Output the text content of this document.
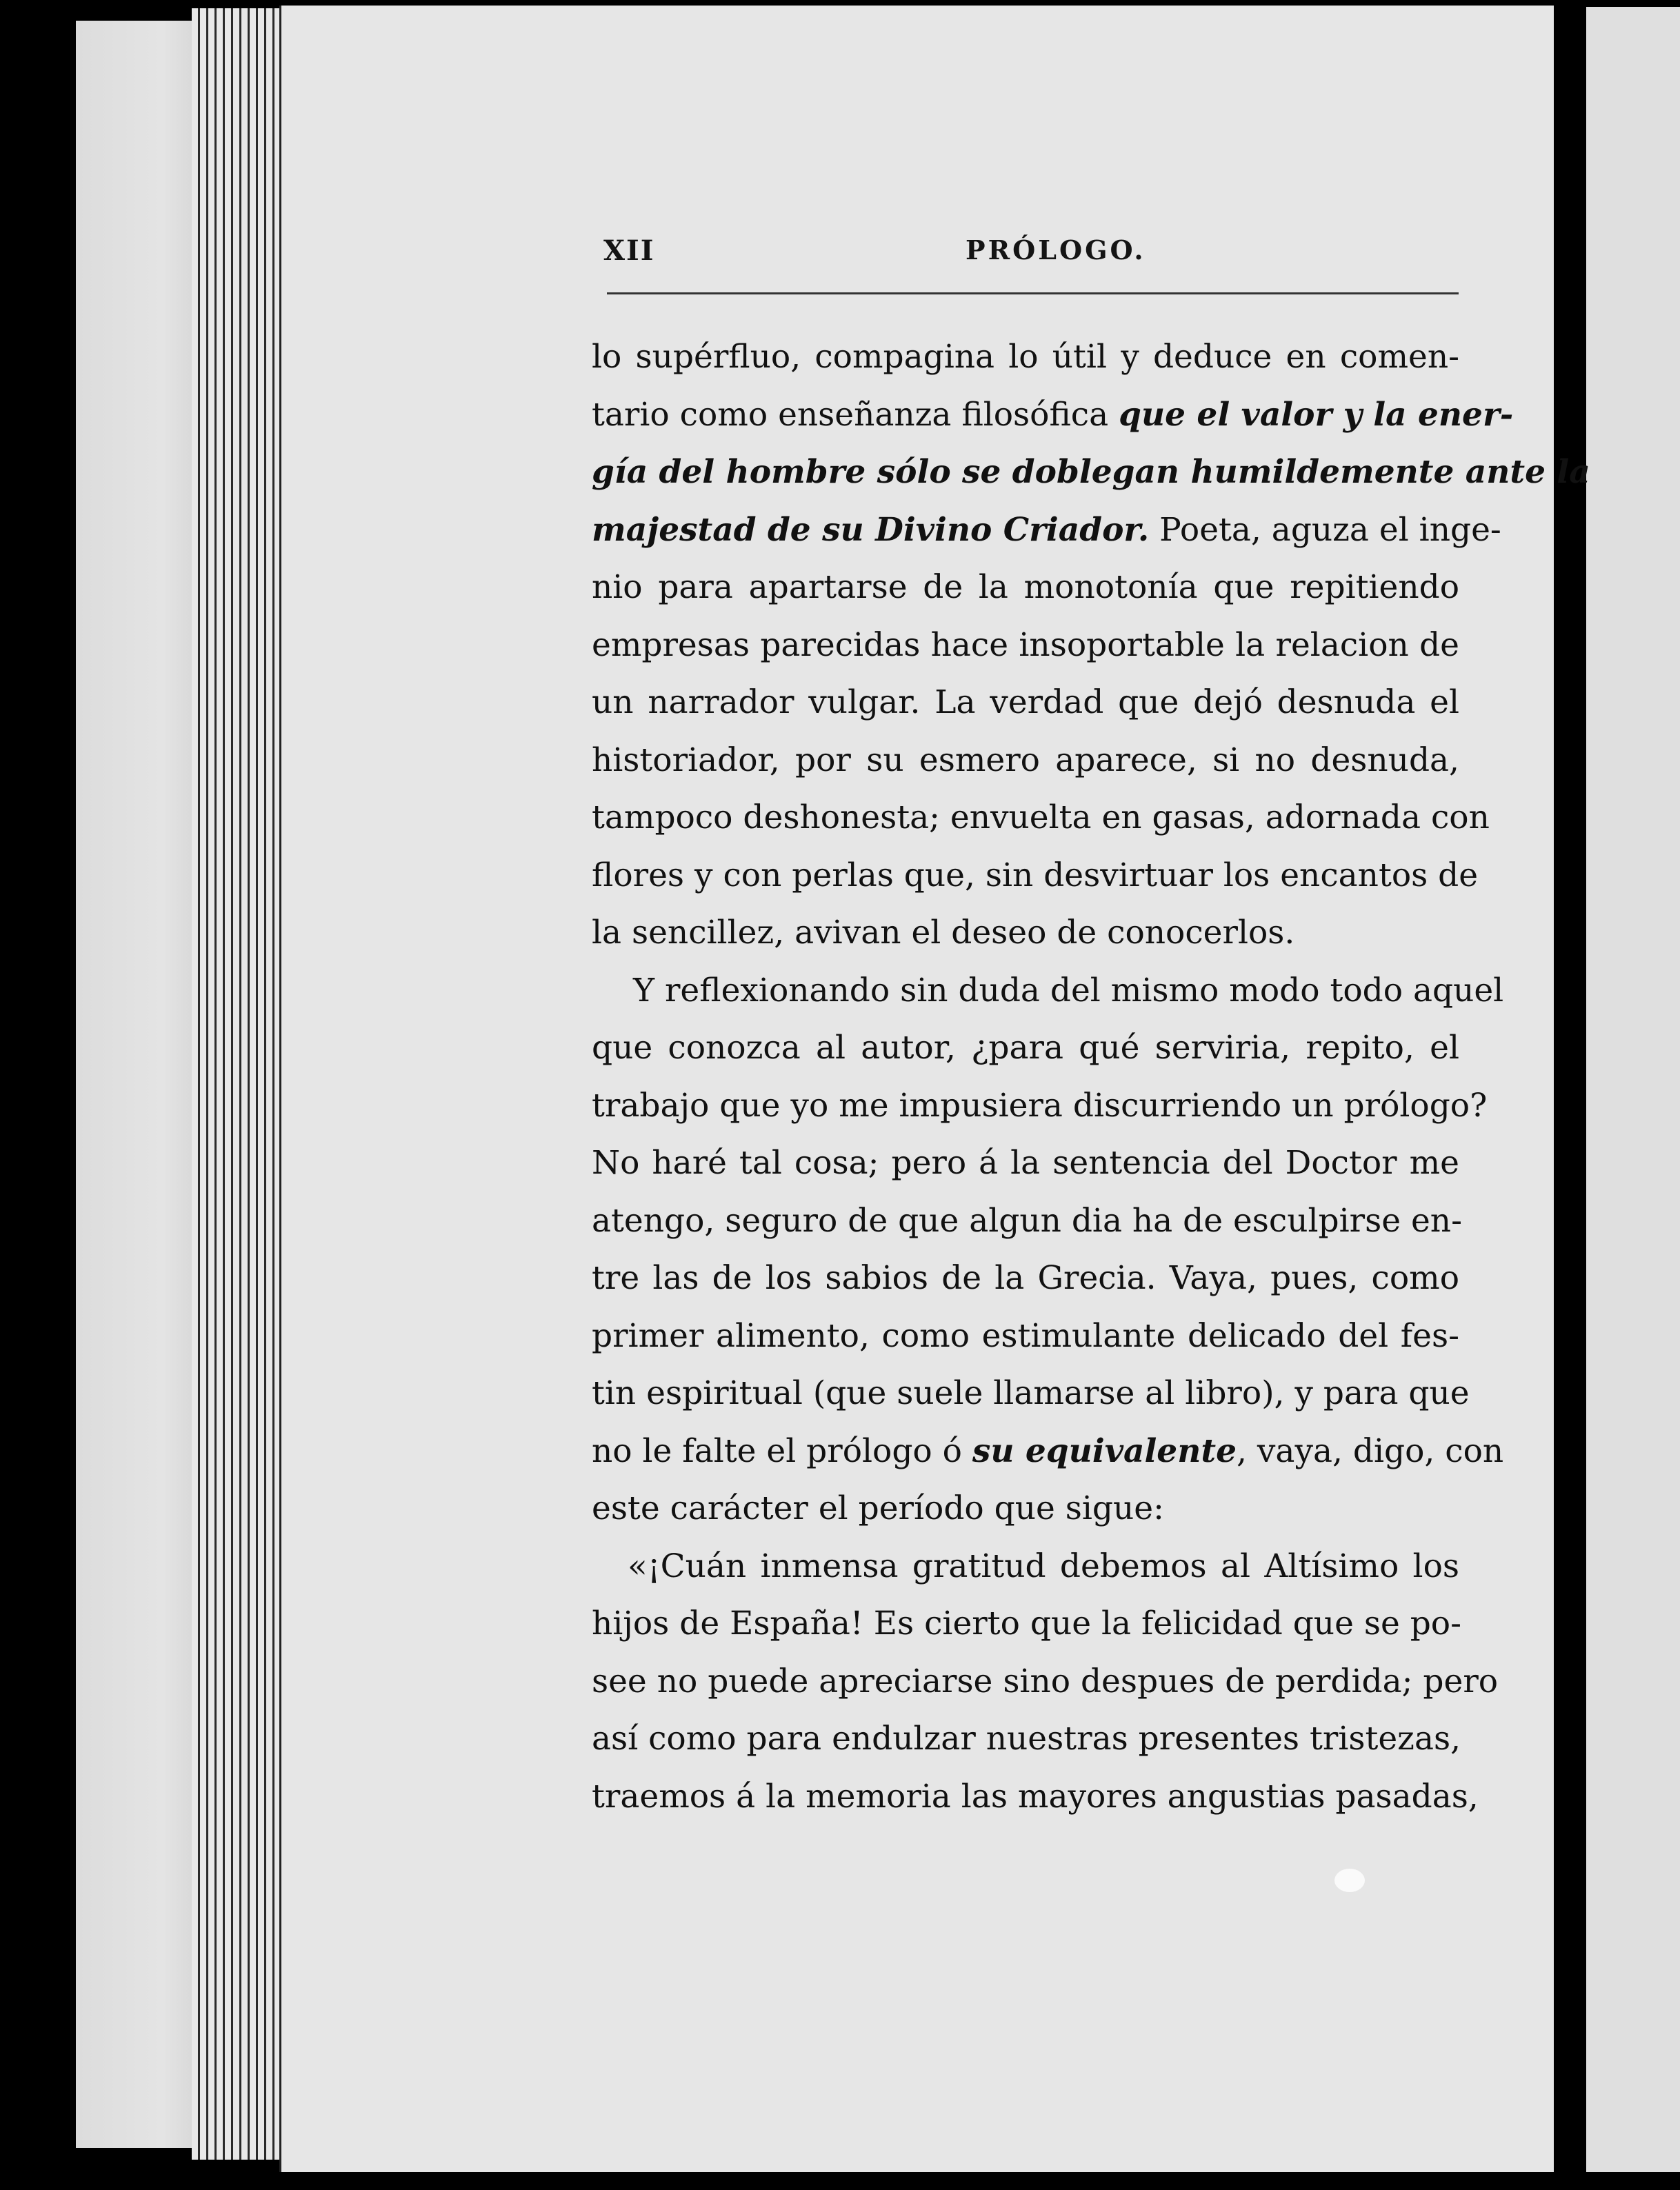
XII	PRÓLOGO.
lo supérfluo, compagina lo útil y deduce en comen-
tario como enseñanza filosófica que el valor y la ener-
gía del hombre sólo se doblegan humildemente ante la
majestad de su Divino Criador. Poeta, aguza el inge-
nio para apartarse de la monotonía que repitiendo
empresas parecidas hace insoportable la relacion de
un narrador vulgar. La verdad que dejó desnuda el
historiador, por su esmero aparece, si no desnuda,
tampoco deshonesta; envuelta en gasas, adornada con
flores y con perlas que, sin desvirtuar los encantos de
la sencillez, avivan el deseo de conocerlos.
Y reflexionando sin duda del mismo modo todo aquel
que conozca al autor, ¿para qué serviria, repito, el
trabajo que yo me impusiera discurriendo un prólogo?
No haré tal cosa; pero á la sentencia del Doctor me
atengo, seguro de que algun dia ha de esculpirse en-
tre las de los sabios de la Grecia. Vaya, pues, como
primer alimento, como estimulante delicado del fes-
tin espiritual (que suele llamarse al libro), y para que
no le falte el prólogo ó su equivalente, vaya, digo, con
este carácter el período que sigue:
«¡Cuán inmensa gratitud debemos al Altísimo los
hijos de España! Es cierto que la felicidad que se po-
see no puede apreciarse sino despues de perdida; pero
así como para endulzar nuestras presentes tristezas,
traemos á la memoria las mayores angustias pasadas,
